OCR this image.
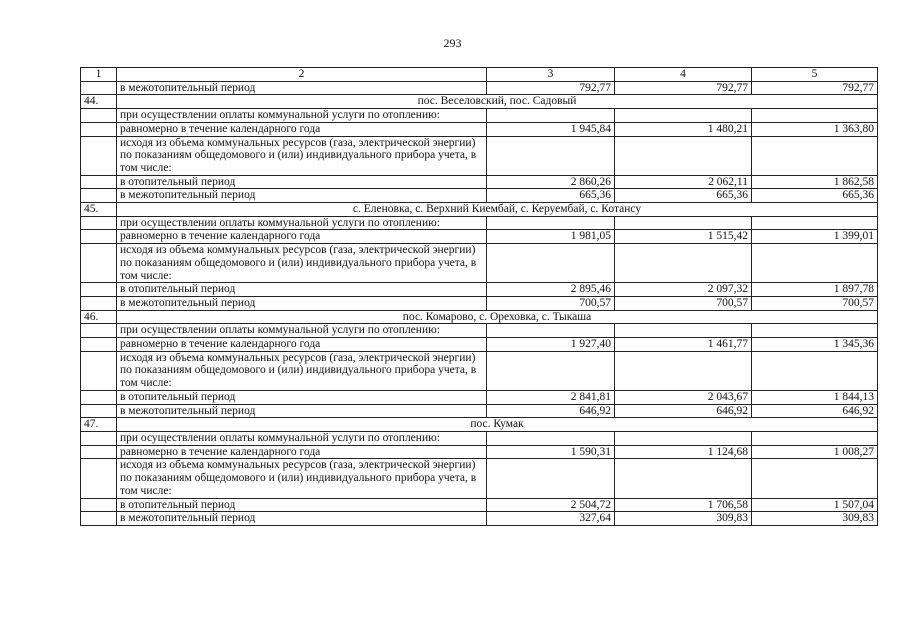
293
1	2	3	4	5
	в межотопительный период	792,77	792,77	792,77
44.	пос. Веселовский, пос. Садовый			
	при осуществлении оплаты коммунальной услуги по отоплению:			
	равномерно в течение календарного года	1 945,84	1 480,21	1 363,80
	исходя из объема коммунальных ресурсов (газа, электрической энергии) по показаниям общедомового и (или) индивидуального прибора учета, в том числе:			
	в отопительный период	2 860,26	2 062,11	1 862,58
	в межотопительный период	665,36	665,36	665,36
45.	с. Еленовка, с. Верхний Киембай, с. Керуембай, с. Котансу			
	при осуществлении оплаты коммунальной услуги по отоплению:			
	равномерно в течение календарного года	1 981,05	1 515,42	1 399,01
	исходя из объема коммунальных ресурсов (газа, электрической энергии) по показаниям общедомового и (или) индивидуального прибора учета, в том числе:			
	в отопительный период	2 895,46	2 097,32	1 897,78
	в межотопительный период	700,57	700,57	700,57
46.	пос. Комарово, с. Ореховка, с. Тыкаша			
	при осуществлении оплаты коммунальной услуги по отоплению:			
	равномерно в течение календарного года	1 927,40	1 461,77	1 345,36
	исходя из объема коммунальных ресурсов (газа, электрической энергии) по показаниям общедомового и (или) индивидуального прибора учета, в том числе:			
	в отопительный период	2 841,81	2 043,67	1 844,13
	в межотопительный период	646,92	646,92	646,92
47.	пос. Кумак			
	при осуществлении оплаты коммунальной услуги по отоплению:			
	равномерно в течение календарного года	1 590,31	1 124,68	1 008,27
	исходя из объема коммунальных ресурсов (газа, электрической энергии) по показаниям общедомового и (или) индивидуального прибора учета, в том числе:			
	в отопительный период	2 504,72	1 706,58	1 507,04
	в межотопительный период	327,64	309,83	309,83
